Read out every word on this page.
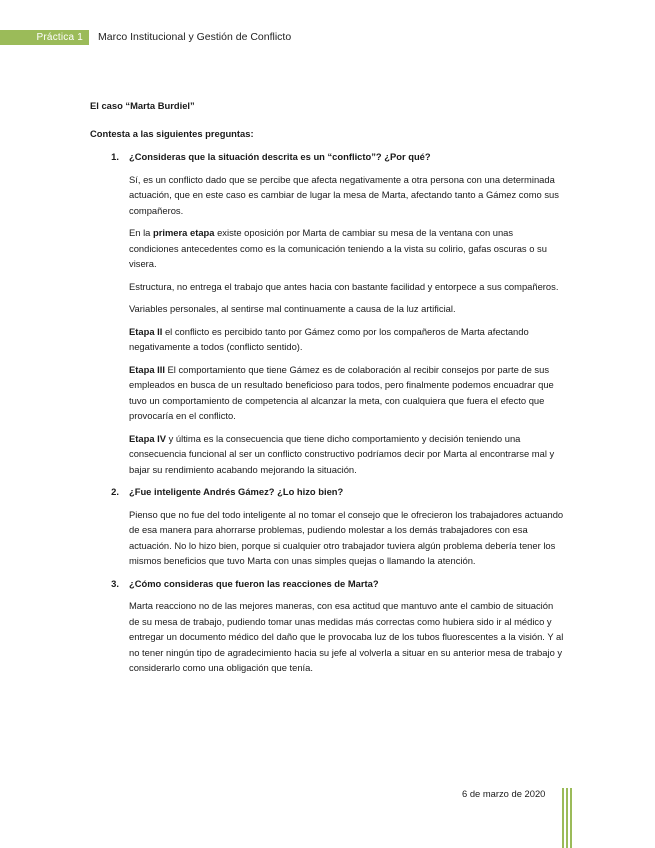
Práctica 1	Marco Institucional y Gestión de Conflicto

El caso “Marta Burdiel”

Contesta a las siguientes preguntas:

1.	¿Consideras que la situación descrita es un “conflicto”? ¿Por qué?

Sí, es un conflicto dado que se percibe que afecta negativamente a otra persona con una determinada actuación, que en este caso es cambiar de lugar la mesa de Marta, afectando tanto a Gámez como sus compañeros.

En la primera etapa existe oposición por Marta de cambiar su mesa de la ventana con unas condiciones antecedentes como es la comunicación teniendo a la vista su colirio, gafas oscuras o su visera.

Estructura, no entrega el trabajo que antes hacia con bastante facilidad y entorpece a sus compañeros.

Variables personales, al sentirse mal continuamente a causa de la luz artificial.

Etapa II el conflicto es percibido tanto por Gámez como por los compañeros de Marta afectando negativamente a todos (conflicto sentido).

Etapa III El comportamiento que tiene Gámez es de colaboración al recibir consejos por parte de sus empleados en busca de un resultado beneficioso para todos, pero finalmente podemos encuadrar que tuvo un comportamiento de competencia al alcanzar la meta, con cualquiera que fuera el efecto que provocaría en el conflicto.

Etapa IV y última es la consecuencia que tiene dicho comportamiento y decisión teniendo una consecuencia funcional al ser un conflicto constructivo podríamos decir por Marta al encontrarse mal y bajar su rendimiento acabando mejorando la situación.

2.	¿Fue inteligente Andrés Gámez? ¿Lo hizo bien?

Pienso que no fue del todo inteligente al no tomar el consejo que le ofrecieron los trabajadores actuando de esa manera para ahorrarse problemas, pudiendo molestar a los demás trabajadores con esa actuación. No lo hizo bien, porque si cualquier otro trabajador tuviera algún problema debería tener los mismos beneficios que tuvo Marta con unas simples quejas o llamando la atención.

3.	¿Cómo consideras que fueron las reacciones de Marta?

Marta reacciono no de las mejores maneras, con esa actitud que mantuvo ante el cambio de situación de su mesa de trabajo, pudiendo tomar unas medidas más correctas como hubiera sido ir al médico y entregar un documento médico del daño que le provocaba luz de los tubos fluorescentes a la visión. Y al no tener ningún tipo de agradecimiento hacia su jefe al volverla a situar en su anterior mesa de trabajo y considerarlo como una obligación que tenía.

6 de marzo de 2020
